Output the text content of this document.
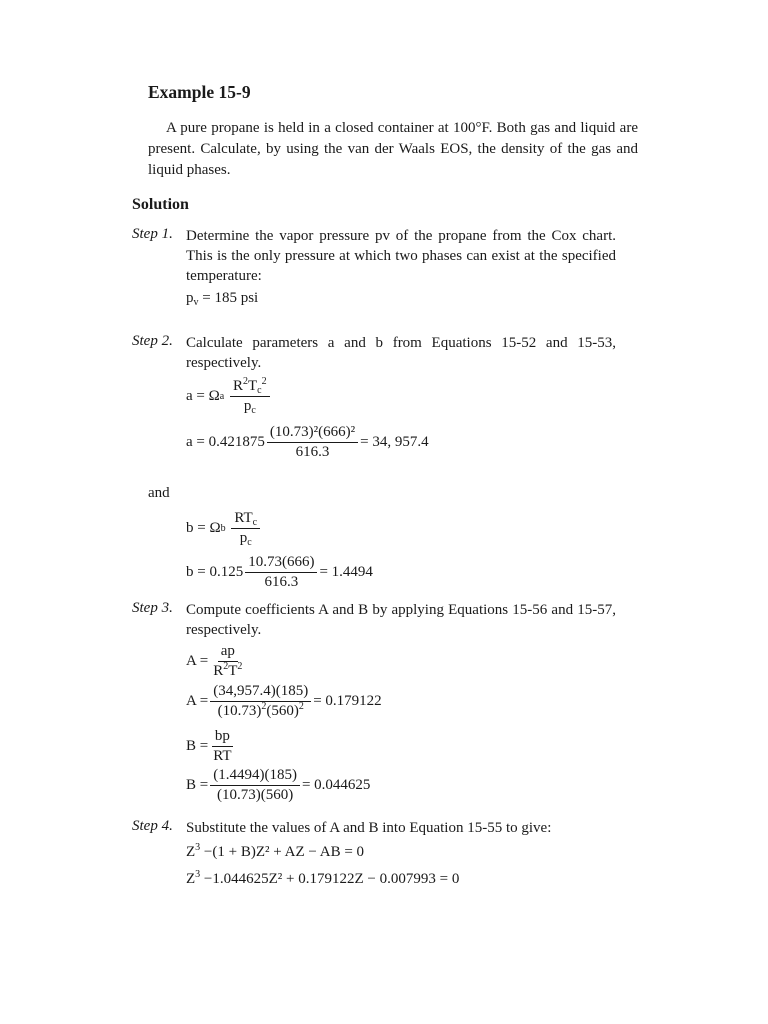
Example 15-9

A pure propane is held in a closed container at 100°F. Both gas and liquid are present. Calculate, by using the van der Waals EOS, the density of the gas and liquid phases.

Solution
Step 1. Determine the vapor pressure pv of the propane from the Cox chart. This is the only pressure at which two phases can exist at the specified temperature:
$p_v = 185$ psi
Step 2. Calculate parameters a and b from Equations 15-52 and 15-53, respectively.
a = Ω a
$\frac{R^2T_c^2}{p_c}$
$a = 0.421875 \frac{\text{(10.73)²(666)²}}{616.3} = 34$, 957.4
and
b = Ω b
$\frac{RT_c}{p_c}$
$b = 0.125 \frac{10.73(666)}{616.3} = 1.4494$
Step 3. Compute coefficients A and B by applying Equations 15-56 and 15-57, respectively.
$A = \frac{ap}{R^2T^2}$
$A = \frac{(34,957.4)(185)}{(10.73)^2(560)^2} = 0.179122$
$B = \frac{bp}{RT}$
$B = \frac{(1.4494)(185)}{(10.73)(560)} = 0.044625$
Step 4. Substitute the values of A and B into Equation 15-55 to give:
$Z^3 -(1 + B)Z^2$ + AZ − AB = 0
$Z^3 -1.044625Z^2 + 0.179122Z - 0.007993 = 0$
